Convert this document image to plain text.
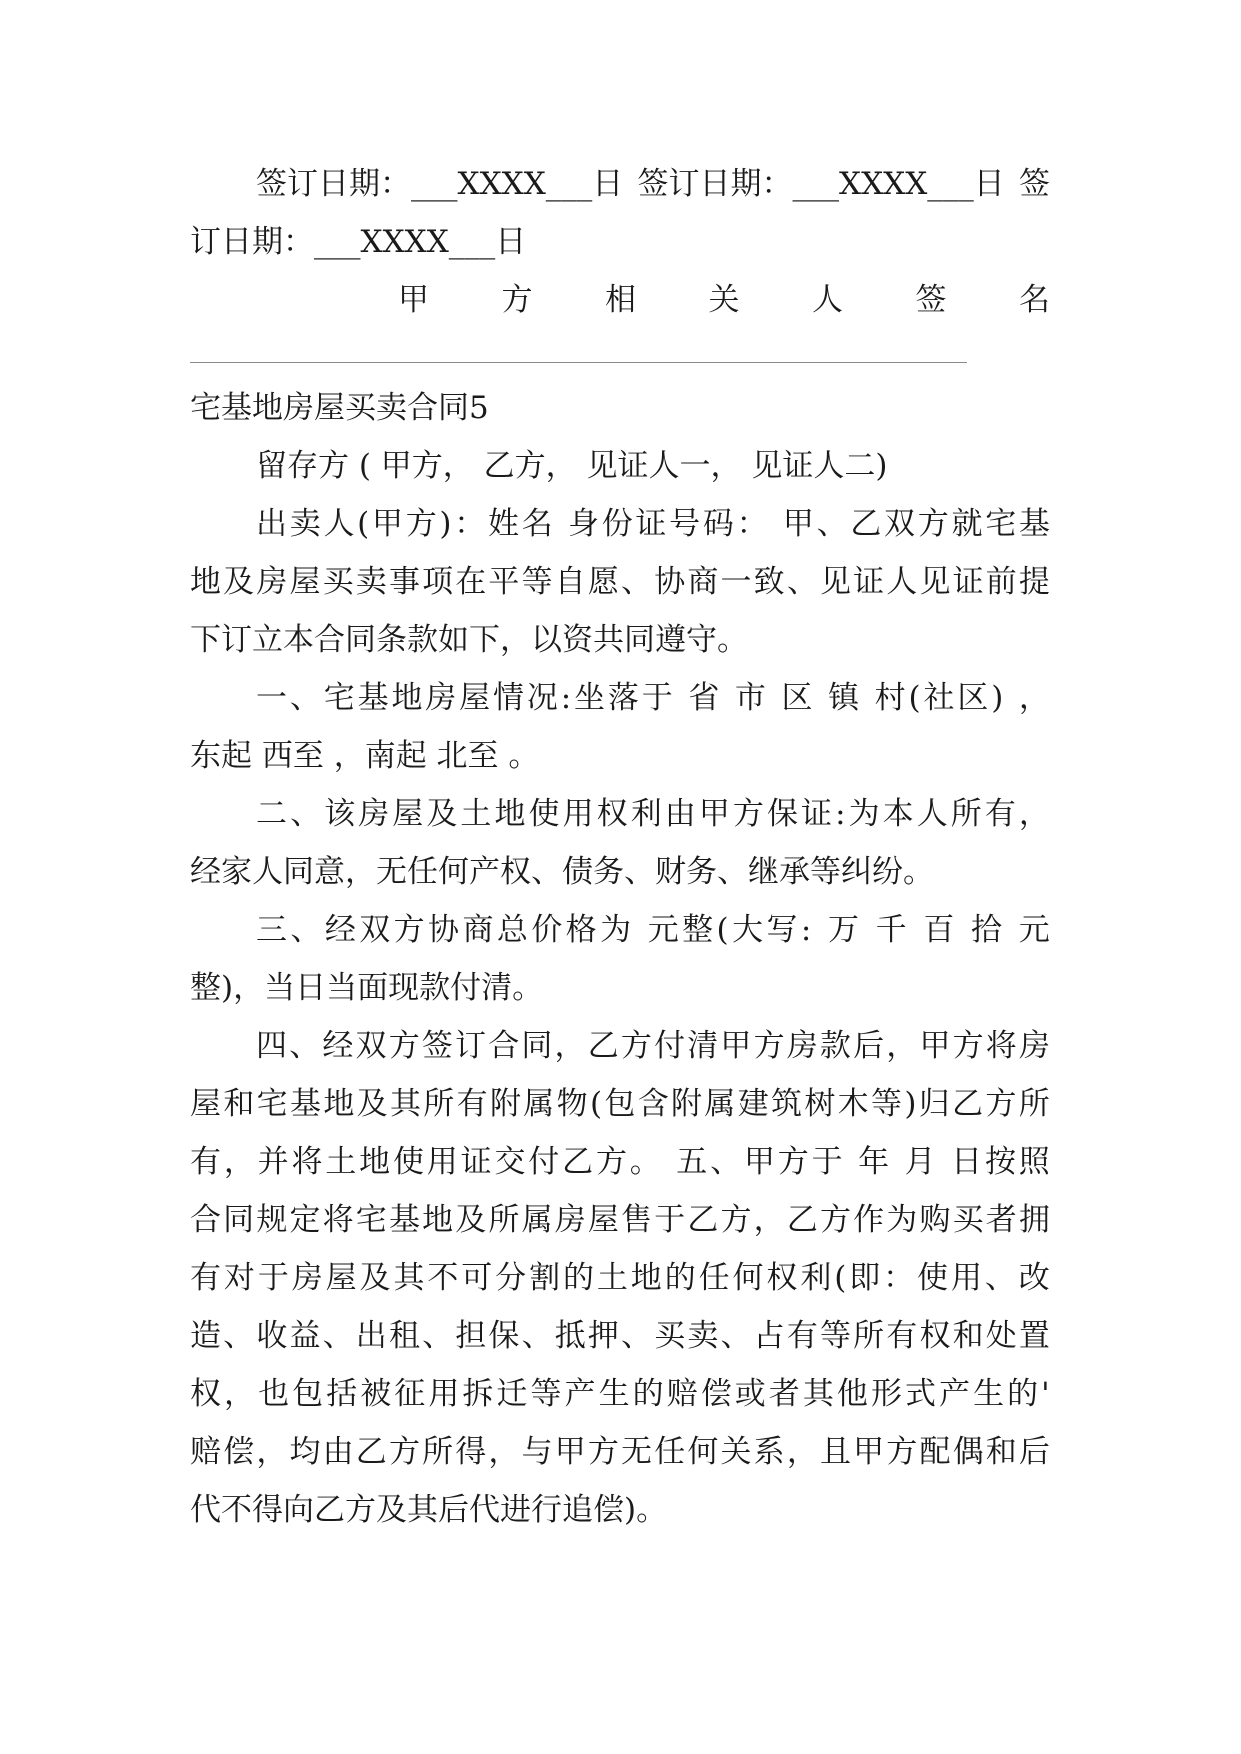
签订日期：___XXXX___日 签订日期：___XXXX___日 签
订日期：___XXXX___日
甲 方 相 关 人 签 名
宅基地房屋买卖合同5
留存方 ( 甲方， 乙方， 见证人一， 见证人二)
出 卖 人 ( 甲 方 ) ： 姓 名
身 份 证 号 码 ：
甲 、 乙 双 方 就 宅 基
地 及 房 屋 买 卖 事 项 在 平 等 自 愿 、 协 商 一 致 、 见 证 人 见 证 前 提
下订立本合同条款如下，以资共同遵守。
一 、 宅 基 地 房 屋 情 况 : 坐 落 于
省
市
区
镇
村 ( 社 区 )
，
东起 西至 ，南起 北至 。
二 、 该 房 屋 及 土 地 使 用 权 利 由 甲 方 保 证 : 为 本 人 所 有 ，
经家人同意，无任何产权、债务、财务、继承等纠纷。
三 、 经 双 方 协 商 总 价 格 为
元 整 ( 大 写 :
万
千
百
拾
元
整)，当日当面现款付清。
四 、 经 双 方 签 订 合 同 ， 乙 方 付 清 甲 方 房 款 后 ， 甲 方 将 房
屋 和 宅 基 地 及 其 所 有 附 属 物 ( 包 含 附 属 建 筑 树 木 等 ) 归 乙 方 所
有 ， 并 将 土 地 使 用 证 交 付 乙 方 。
五 、 甲 方 于
年
月
日 按 照
合 同 规 定 将 宅 基 地 及 所 属 房 屋 售 于 乙 方 ， 乙 方 作 为 购 买 者 拥
有 对 于 房 屋 及 其 不 可 分 割 的 土 地 的 任 何 权 利 ( 即 ： 使 用 、 改
造 、 收 益 、 出 租 、 担 保 、 抵 押 、 买 卖 、 占 有 等 所 有 权 和 处 置
权 ， 也 包 括 被 征 用 拆 迁 等 产 生 的 赔 偿 或 者 其 他 形 式 产 生 的 '
赔 偿 ， 均 由 乙 方 所 得 ， 与 甲 方 无 任 何 关 系 ， 且 甲 方 配 偶 和 后
代不得向乙方及其后代进行追偿)。
